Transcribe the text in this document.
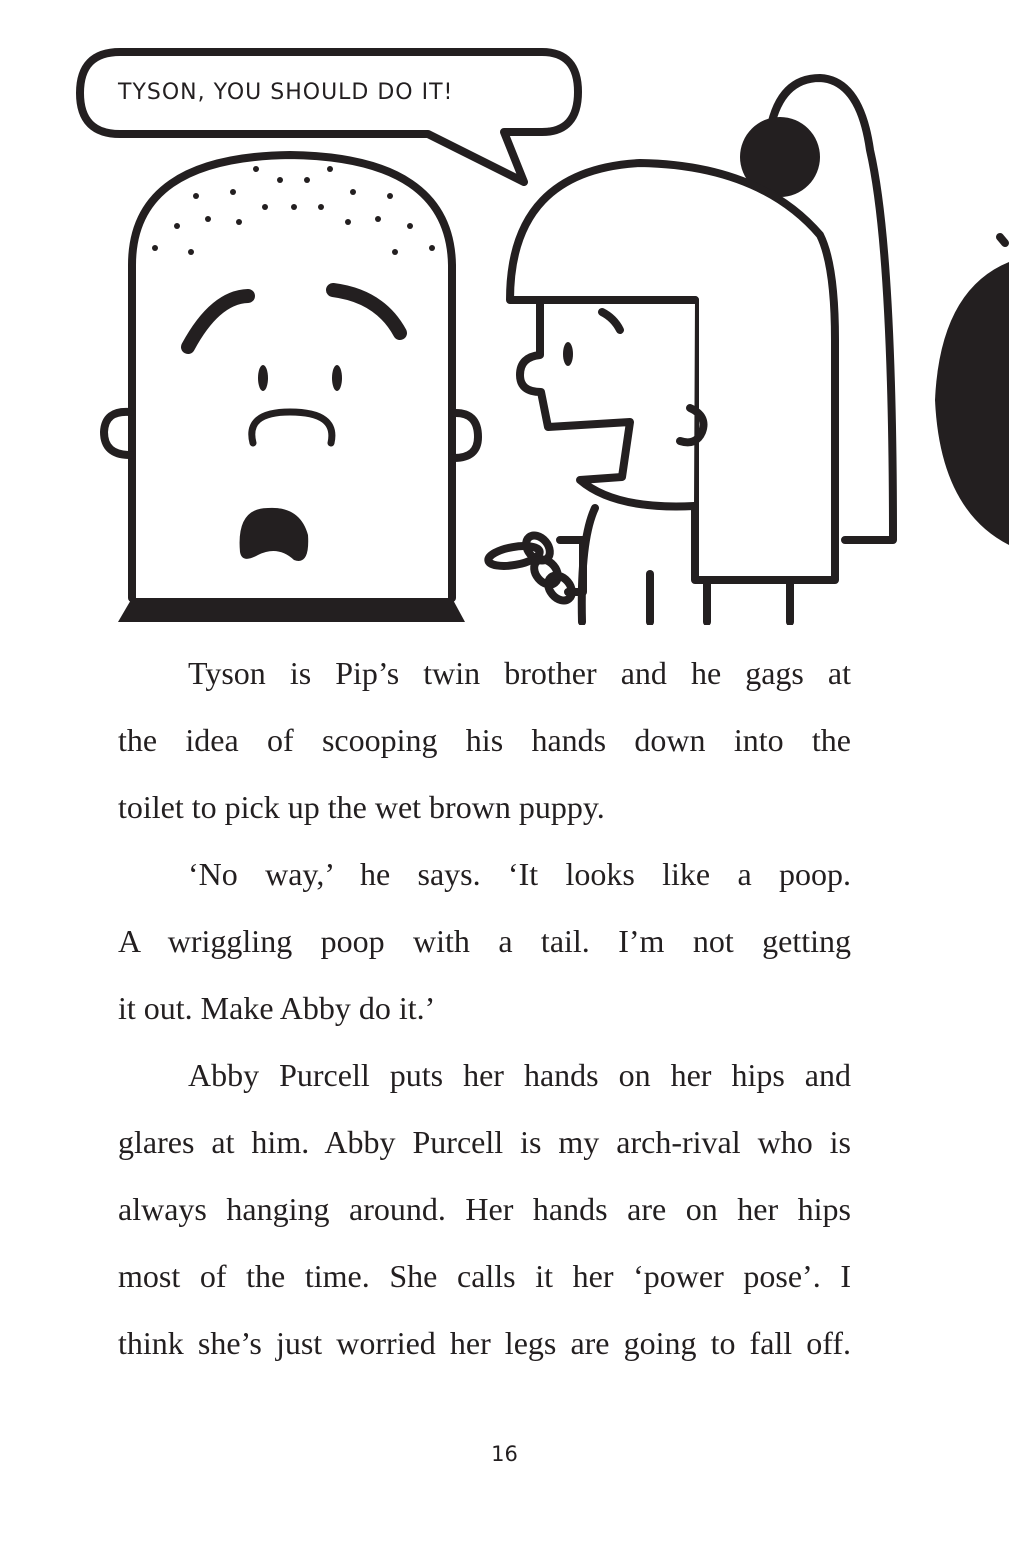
TYSON, YOU SHOULD DO IT!
Tyson is Pip’s twin brother and he gags at
the idea of scooping his hands down into the
toilet to pick up the wet brown puppy.
‘No way,’ he says. ‘It looks like a poop.
A wriggling poop with a tail. I’m not getting
it out. Make Abby do it.’
Abby Purcell puts her hands on her hips and
glares at him. Abby Purcell is my arch-rival who is
always hanging around. Her hands are on her hips
most of the time. She calls it her ‘power pose’. I
think she’s just worried her legs are going to fall off.
16
